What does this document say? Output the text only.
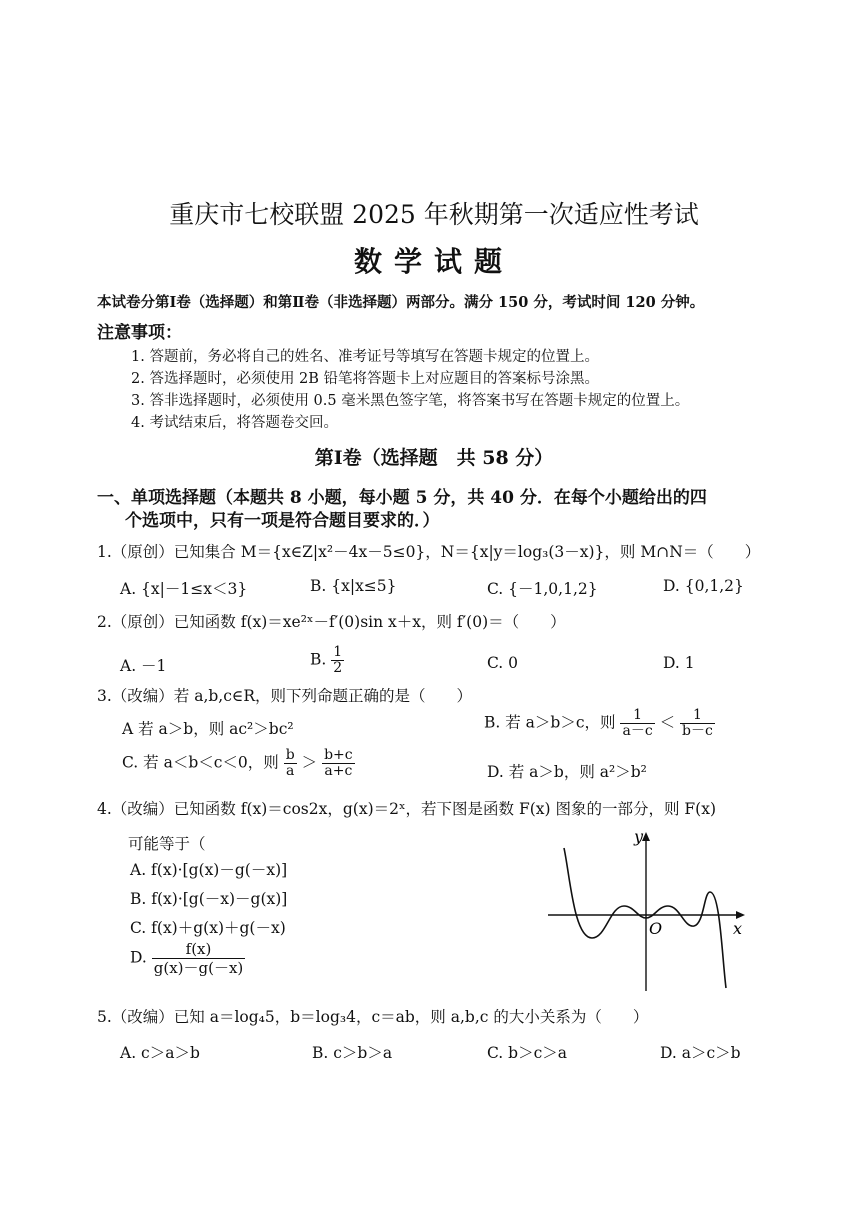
重庆市七校联盟 2025 年秋期第一次适应性考试
数学试题
本试卷分第Ⅰ卷（选择题）和第Ⅱ卷（非选择题）两部分。满分 150 分，考试时间 120 分钟。
注意事项：
1. 答题前，务必将自己的姓名、准考证号等填写在答题卡规定的位置上。
2. 答选择题时，必须使用 2B 铅笔将答题卡上对应题目的答案标号涂黑。
3. 答非选择题时，必须使用 0.5 毫米黑色签字笔，将答案书写在答题卡规定的位置上。
4. 考试结束后，将答题卷交回。
第Ⅰ卷（选择题　共 58 分）
一、单项选择题（本题共 8 小题，每小题 5 分，共 40 分．在每个小题给出的四
个选项中，只有一项是符合题目要求的．）
1.（原创）已知集合 M＝{x∈Z|x²－4x－5≤0}，N＝{x|y＝log₃(3－x)}，则 M∩N＝（　　）
A. {x|－1≤x＜3}	B. {x|x≤5}	C. {－1,0,1,2}	D. {0,1,2}
2.（原创）已知函数 f(x)＝xe²ˣ－f′(0)sin x＋x，则 f′(0)＝（　　）
A. －1	B. $\frac{1}{2}$	C. 0	D. 1
3.（改编）若 a,b,c∈R，则下列命题正确的是（　　）
A 若 a＞b，则 ac²＞bc²	B. 若 a＞b＞c，则 $\frac{1}{a-c} < \frac{1}{b-c}$
C. 若 a＜b＜c＜0，则 $\frac{b}{a} > \frac{b+c}{a+c}$	D. 若 a＞b，则 a²＞b²
4.（改编）已知函数 f(x)＝cos2x，g(x)＝2ˣ，若下图是函数 F(x) 图象的一部分，则 F(x)
可能等于（
A. f(x)·[g(x)－g(－x)]
B. f(x)·[g(－x)－g(x)]
C. f(x)＋g(x)＋g(－x)
D. $\frac{f(x)}{g(x)-g(-x)}$
y
x
O
5.（改编）已知 a＝log₄5，b＝log₃4，c＝ab，则 a,b,c 的大小关系为（　　）
A. c＞a＞b	B. c＞b＞a	C. b＞c＞a	D. a＞c＞b
